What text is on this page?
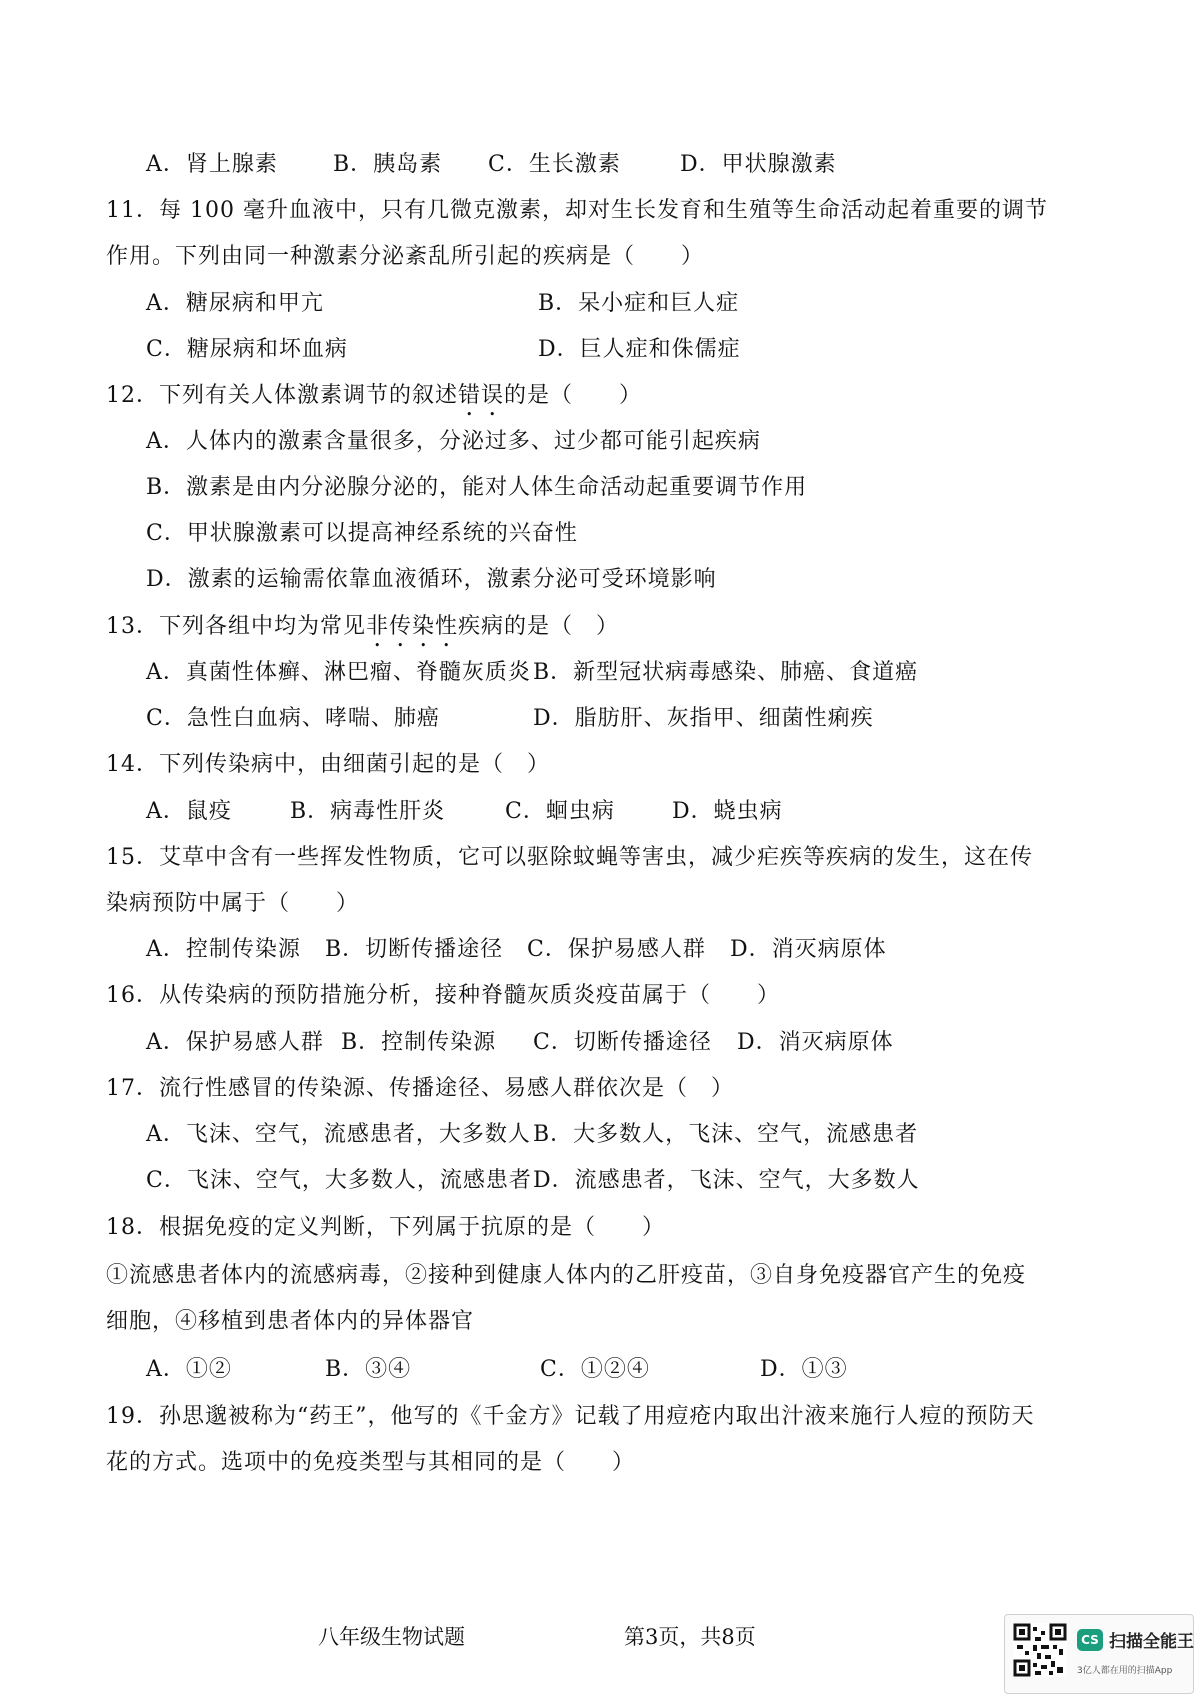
A．肾上腺素	B．胰岛素 C．生长激素	D．甲状腺激素
11．每 100 毫升血液中，只有几微克激素，却对生长发育和生殖等生命活动起着重要的调节
作用。下列由同一种激素分泌紊乱所引起的疾病是（　　）
A．糖尿病和甲亢	B．呆小症和巨人症
C．糖尿病和坏血病	D．巨人症和侏儒症
12．下列有关人体激素调节的叙述错误的是（　　）
A．人体内的激素含量很多，分泌过多、过少都可能引起疾病
B．激素是由内分泌腺分泌的，能对人体生命活动起重要调节作用
C．甲状腺激素可以提高神经系统的兴奋性
D．激素的运输需依靠血液循环，激素分泌可受环境影响
13．下列各组中均为常见非传染性疾病的是（　）
A．真菌性体癣、淋巴瘤、脊髓灰质炎 B．新型冠状病毒感染、肺癌、食道癌
C．急性白血病、哮喘、肺癌	D．脂肪肝、灰指甲、细菌性痢疾
14．下列传染病中，由细菌引起的是（　）
A．鼠疫	B．病毒性肝炎	C．蛔虫病	D．蛲虫病
15．艾草中含有一些挥发性物质，它可以驱除蚊蝇等害虫，减少疟疾等疾病的发生，这在传
染病预防中属于（　　）
A．控制传染源 B．切断传播途径 C．保护易感人群 D．消灭病原体
16．从传染病的预防措施分析，接种脊髓灰质炎疫苗属于（　　）
A．保护易感人群 B．控制传染源 C．切断传播途径 D．消灭病原体
17．流行性感冒的传染源、传播途径、易感人群依次是（　）
A．飞沫、空气，流感患者，大多数人 B．大多数人，飞沫、空气，流感患者
C．飞沫、空气，大多数人，流感患者 D．流感患者，飞沫、空气，大多数人
18．根据免疫的定义判断，下列属于抗原的是（　　）
①流感患者体内的流感病毒，②接种到健康人体内的乙肝疫苗，③自身免疫器官产生的免疫
细胞，④移植到患者体内的异体器官
A．①②	B．③④	C．①②④	D．①③
19．孙思邈被称为“药王”，他写的《千金方》记载了用痘疮内取出汁液来施行人痘的预防天
花的方式。选项中的免疫类型与其相同的是（　　）
八年级生物试题	第3页，共8页	CS 扫描全能王
3亿人都在用的扫描App
